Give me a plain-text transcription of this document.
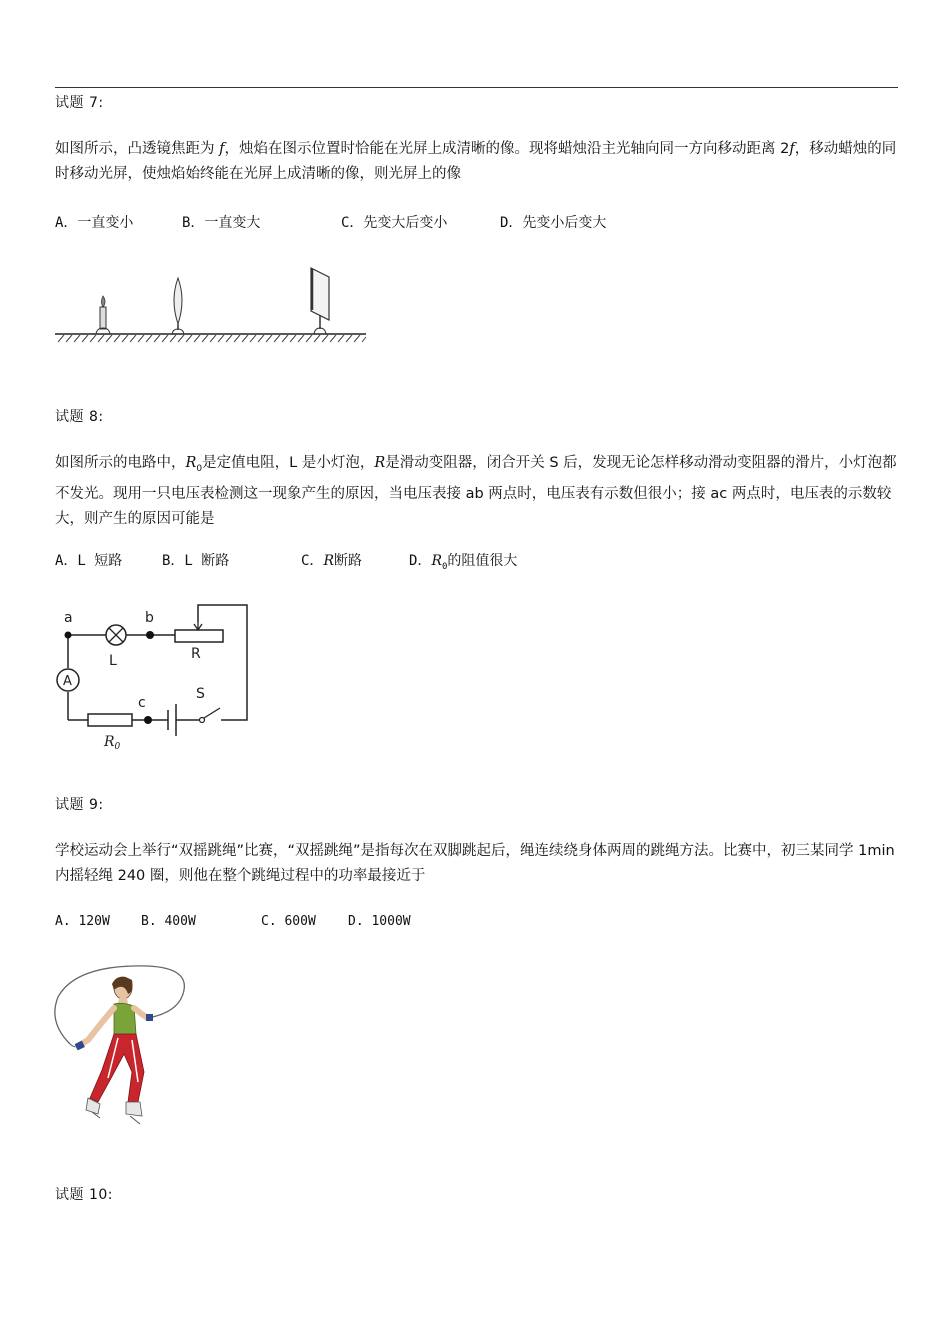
试题 7:
如图所示，凸透镜焦距为 f，烛焰在图示位置时恰能在光屏上成清晰的像。现将蜡烛沿主光轴向同一方向移动距离 2f，移动蜡烛的同时移动光屏，使烛焰始终能在光屏上成清晰的像，则光屏上的像

A．一直变小

	B．一直变大

	C．先变大后变小

	D．先变小后变大

试题 8:
如图所示的电路中，$R_0$是定值电阻，L 是小灯泡，R是滑动变阻器，闭合开关 S 后，发现无论怎样移动滑动变阻器的滑片，小灯泡都不发光。现用一只电压表检测这一现象产生的原因，当电压表接 ab 两点时，电压表有示数但很小；接 ac 两点时，电压表的示数较大，则产生的原因可能是

A．L 短路

	B．L 断路

	C．R断路

	D．$R_0$的阻值很大

a	b
c
L	R
S
A
$R_0$
试题 9:
学校运动会上举行“双摇跳绳”比赛，“双摇跳绳”是指每次在双脚跳起后，绳连续绕身体两周的跳绳方法。比赛中，初三某同学 1min 内摇轻绳 240 圈，则他在整个跳绳过程中的功率最接近于

A. 120W

B. 400W

	C. 600W

D. 1000W

试题 10:
